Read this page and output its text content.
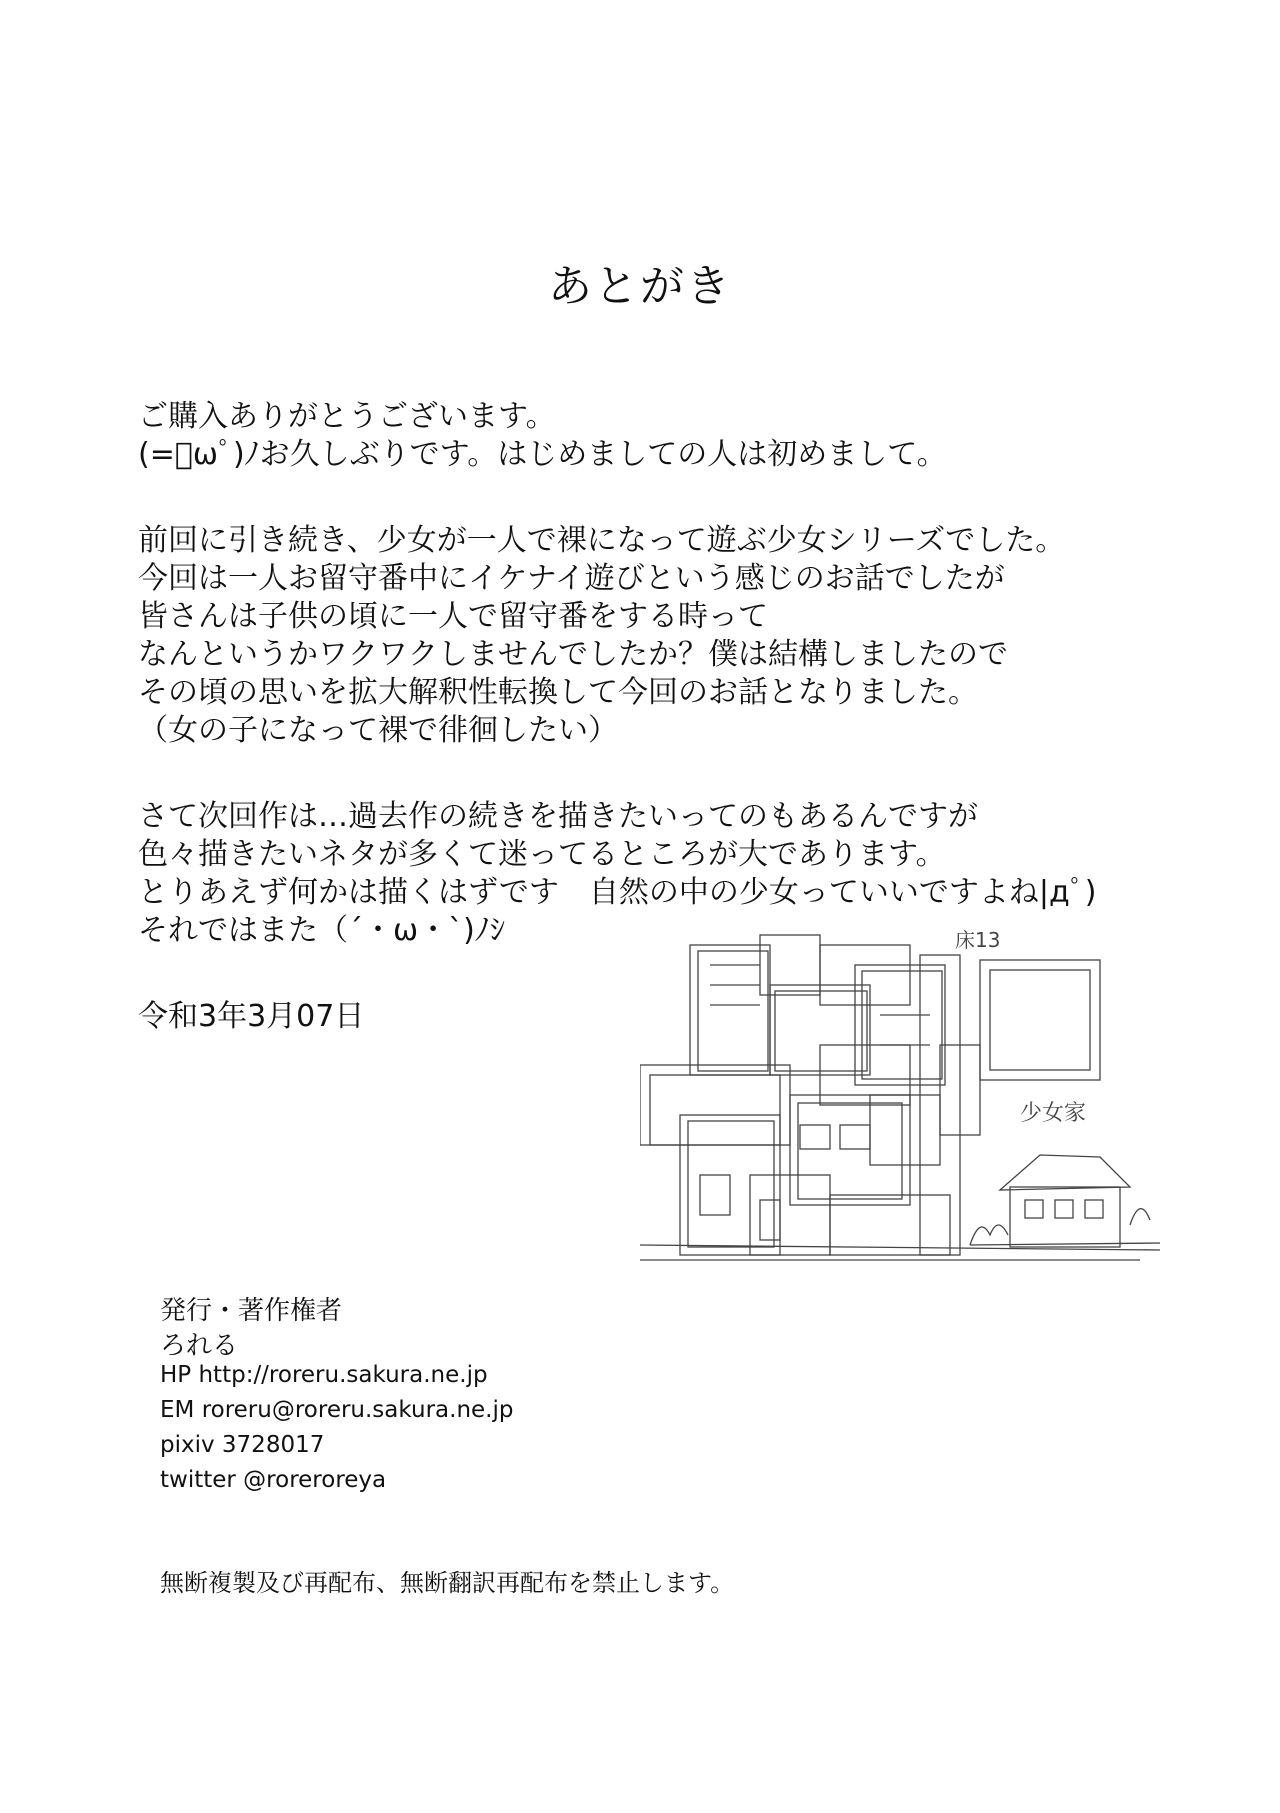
あとがき
ご購入ありがとうございます。
(=ﾟωﾟ)ﾉお久しぶりです。はじめましての人は初めまして。
前回に引き続き、少女が一人で裸になって遊ぶ少女シリーズでした。
今回は一人お留守番中にイケナイ遊びという感じのお話でしたが
皆さんは子供の頃に一人で留守番をする時って
なんというかワクワクしませんでしたか？僕は結構しましたので
その頃の思いを拡大解釈性転換して今回のお話となりました。
（女の子になって裸で徘徊したい）
さて次回作は…過去作の続きを描きたいってのもあるんですが
色々描きたいネタが多くて迷ってるところが大であります。
とりあえず何かは描くはずです　自然の中の少女っていいですよね|дﾟ)
それではまた（´・ω・`)ﾉｼ
令和3年3月07日
床13
少女家
発行・著作権者
ろれる
HP http://roreru.sakura.ne.jp
EM roreru@roreru.sakura.ne.jp
pixiv 3728017
twitter @roreroreya
無断複製及び再配布、無断翻訳再配布を禁止します。
